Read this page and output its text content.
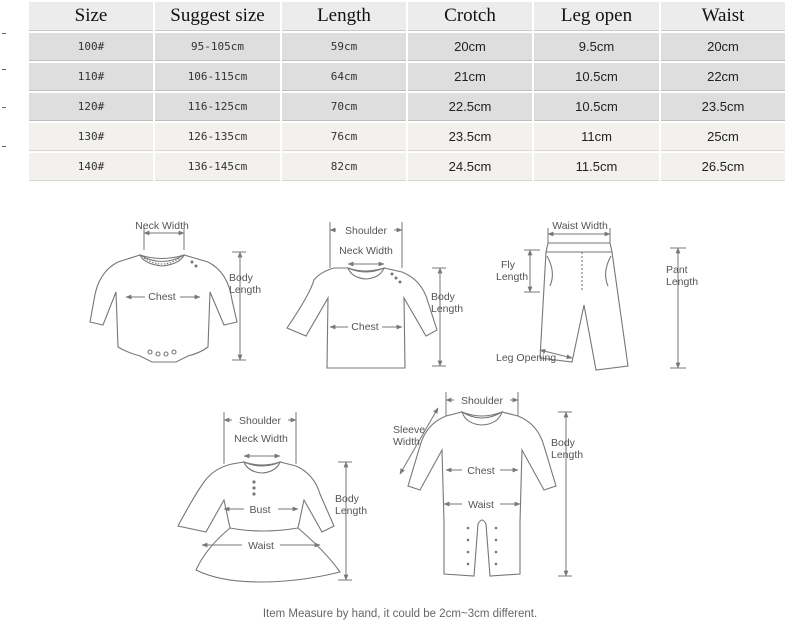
Size	Suggest size	Length	Crotch	Leg open	Waist
100#	95-105cm	59cm	20cm	9.5cm	20cm
110#	106-115cm	64cm	21cm	10.5cm	22cm
120#	116-125cm	70cm	22.5cm	10.5cm	23.5cm
130#	126-135cm	76cm	23.5cm	11cm	25cm
140#	136-145cm	82cm	24.5cm	11.5cm	26.5cm
Neck Width
Chest
Body
Length
Shoulder
Neck Width
Chest
Body
Length
Waist Width
Fly
Length
Pant
Length
Leg Opening
Shoulder
Neck Width
Bust
Waist
Body
Length
Shoulder
Sleeve
Width
Chest
Waist
Body
Length
Item Measure by hand, it could be 2cm~3cm different.
